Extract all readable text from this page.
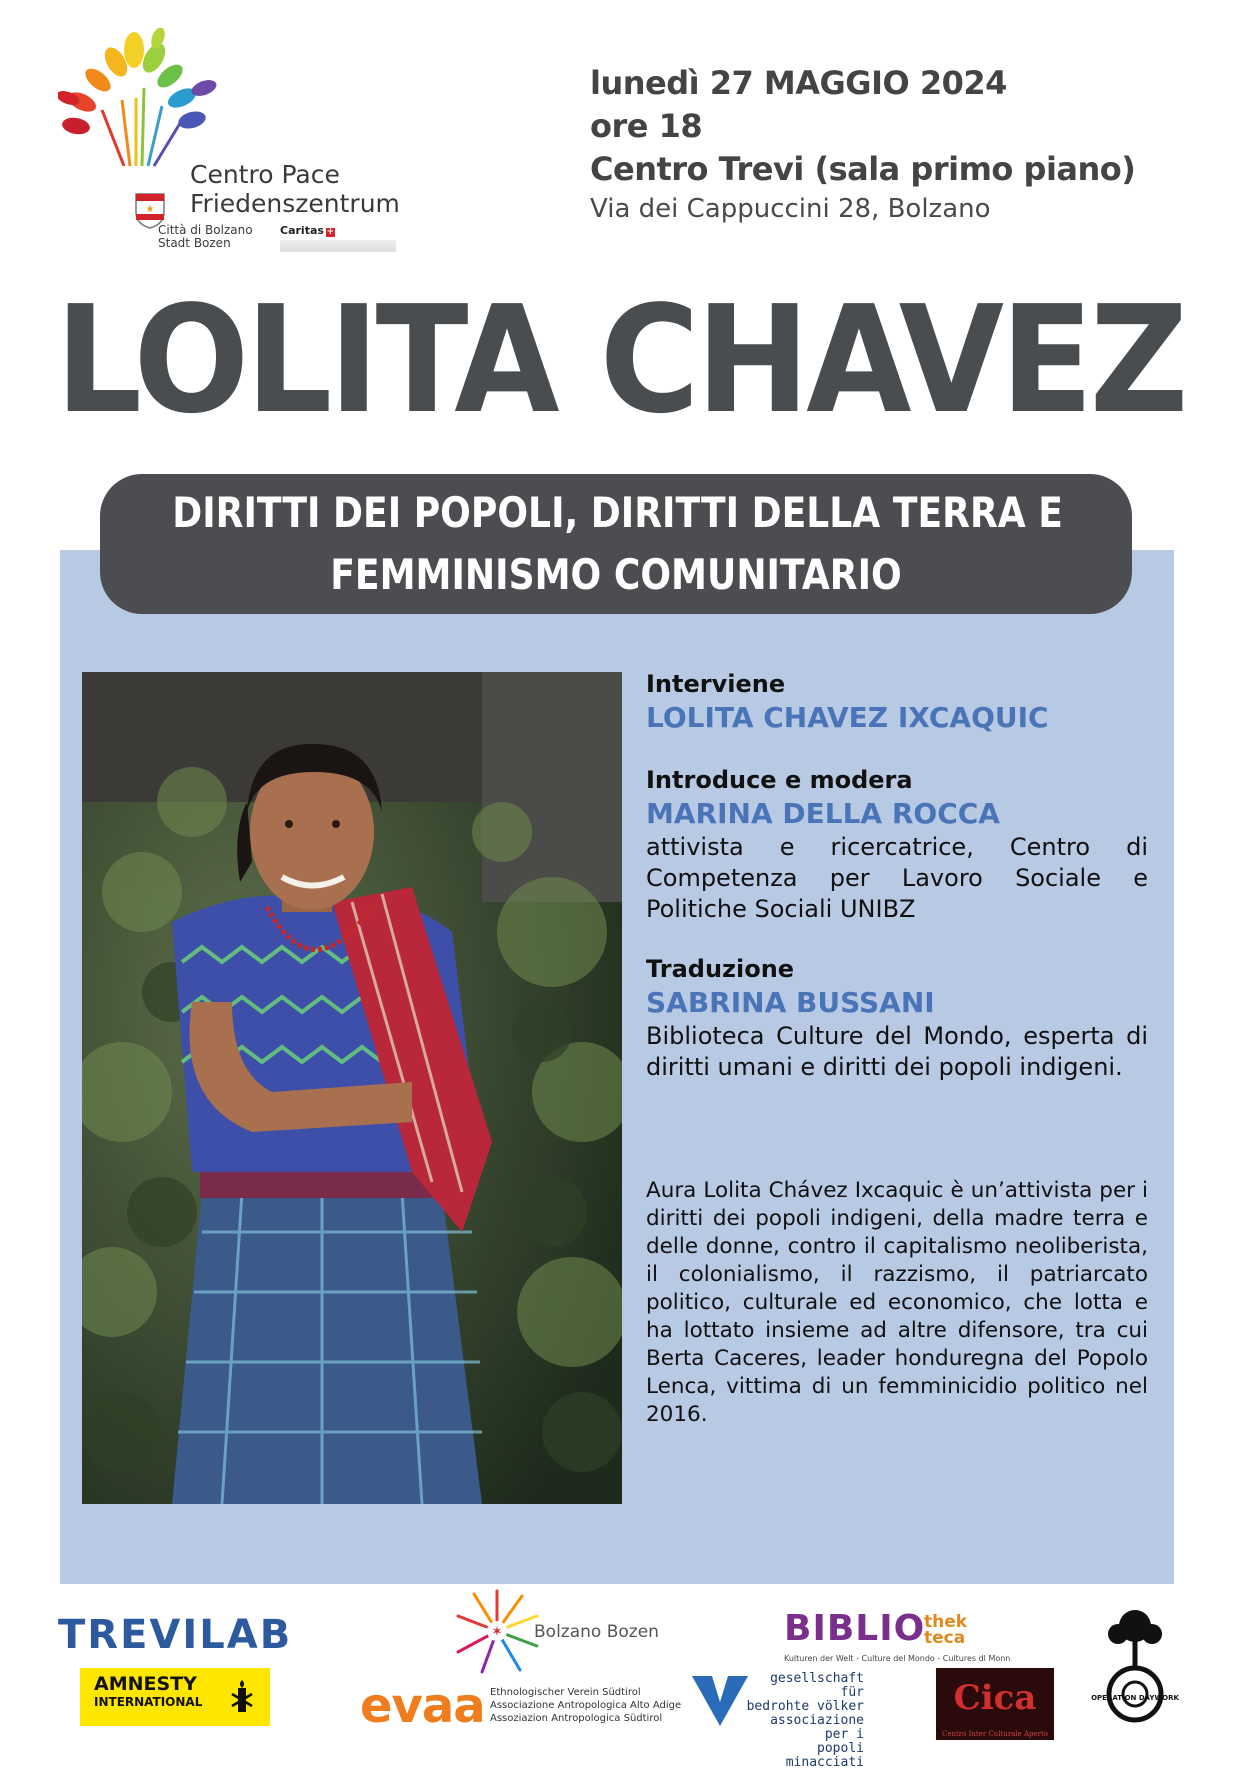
Centro Pace
Friedenszentrum
★
Città di Bolzano
Stadt Bozen
Caritas +
lunedì 27 MAGGIO 2024
ore 18
Centro Trevi (sala primo piano)
Via dei Cappuccini 28, Bolzano
LOLITA CHAVEZ
DIRITTI DEI POPOLI, DIRITTI DELLA TERRA E
FEMMINISMO COMUNITARIO
Interviene
LOLITA CHAVEZ IXCAQUIC
Introduce e modera
MARINA DELLA ROCCA
attivista e ricercatrice, Centro di Competenza per Lavoro Sociale e Politiche Sociali UNIBZ
Traduzione
SABRINA BUSSANI
Biblioteca Culture del Mondo, esperta di diritti umani e diritti dei popoli indigeni.
Aura Lolita Chávez Ixcaquic è un’attivista per i diritti dei popoli indigeni, della madre terra e delle donne, contro il capitalismo neoliberista, il colonialismo, il razzismo, il patriarcato politico, culturale ed economico, che lotta e ha lottato insieme ad altre difensore, tra cui Berta Caceres, leader honduregna del Popolo Lenca, vittima di un femminicidio politico nel 2016.
TREVILAB
AMNESTY
INTERNATIONAL
✶ Bolzano Bozen
evaa Ethnologischer Verein Südtirol
Associazione Antropologica Alto Adige
Assoziazion Antropologica Südtirol
BIBLIO
thek
teca
Kulturen der Welt - Culture del Mondo - Cultures dl Monn
gesellschaft für
bedrohte völker
associazione per i
popoli minacciati
Cica
Centro Inter Culturale Aperto
OPERATION DAYWORK
